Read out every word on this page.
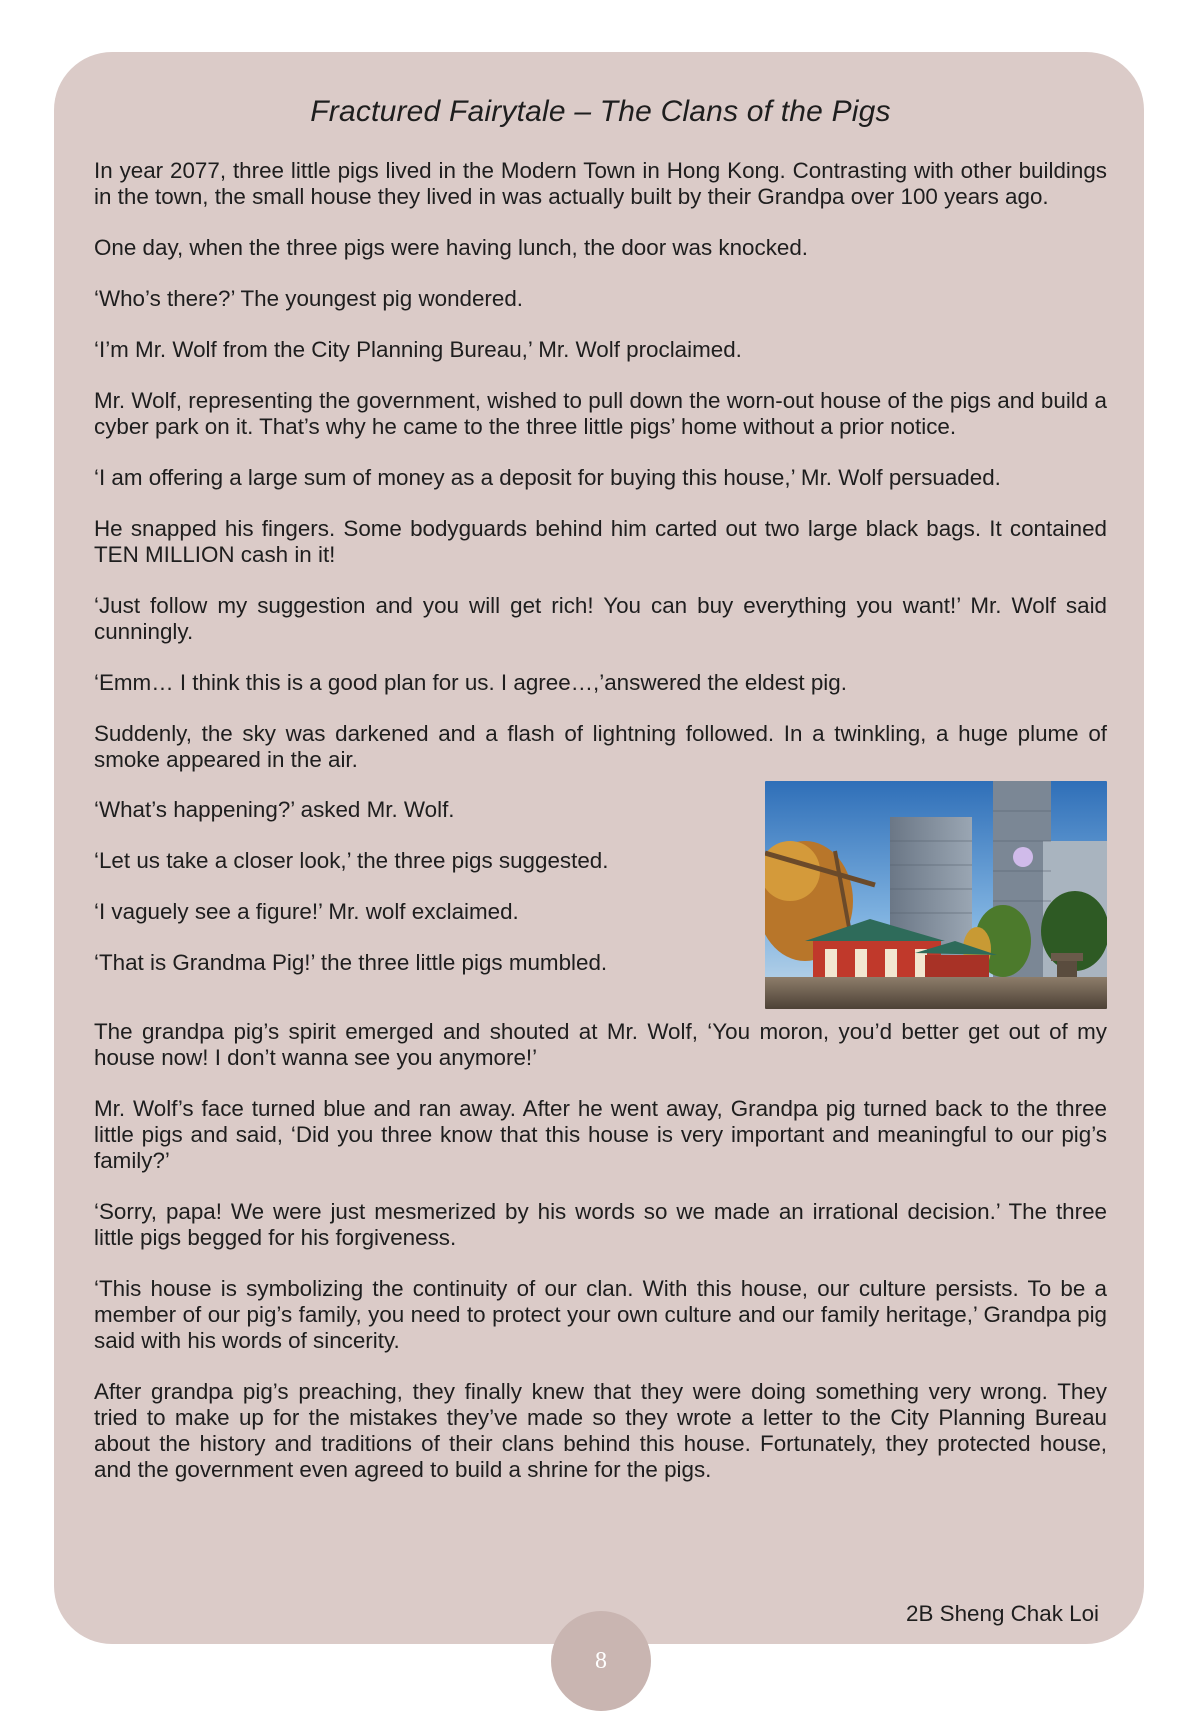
Fractured Fairytale – The Clans of the Pigs

In year 2077, three little pigs lived in the Modern Town in Hong Kong. Contrasting with other buildings in the town, the small house they lived in was actually built by their Grandpa over 100 years ago.

One day, when the three pigs were having lunch, the door was knocked.

‘Who’s there?’ The youngest pig wondered.

‘I’m Mr. Wolf from the City Planning Bureau,’ Mr. Wolf proclaimed.

Mr. Wolf, representing the government, wished to pull down the worn-out house of the pigs and build a cyber park on it. That’s why he came to the three little pigs’ home without a prior notice.

‘I am offering a large sum of money as a deposit for buying this house,’ Mr. Wolf persuaded.

He snapped his fingers. Some bodyguards behind him carted out two large black bags. It contained TEN MILLION cash in it!

‘Just follow my suggestion and you will get rich! You can buy everything you want!’ Mr. Wolf said cunningly.

‘Emm… I think this is a good plan for us. I agree…,’answered the eldest pig.

Suddenly, the sky was darkened and a flash of lightning followed. In a twinkling, a huge plume of smoke appeared in the air.

‘What’s happening?’ asked Mr. Wolf.

‘Let us take a closer look,’ the three pigs suggested.

‘I vaguely see a figure!’ Mr. wolf exclaimed.

‘That is Grandma Pig!’ the three little pigs mumbled.

The grandpa pig’s spirit emerged and shouted at Mr. Wolf, ‘You moron, you’d better get out of my house now! I don’t wanna see you anymore!’

Mr. Wolf’s face turned blue and ran away. After he went away, Grandpa pig turned back to the three little pigs and said, ‘Did you three know that this house is very important and meaningful to our pig’s family?’

‘Sorry, papa! We were just mesmerized by his words so we made an irrational decision.’ The three little pigs begged for his forgiveness.

‘This house is symbolizing the continuity of our clan. With this house, our culture persists. To be a member of our pig’s family, you need to protect your own culture and our family heritage,’ Grandpa pig said with his words of sincerity.

After grandpa pig’s preaching, they finally knew that they were doing something very wrong. They tried to make up for the mistakes they’ve made so they wrote a letter to the City Planning Bureau about the history and traditions of their clans behind this house. Fortunately, they protected house, and the government even agreed to build a shrine for the pigs.

2B Sheng Chak Loi
8
